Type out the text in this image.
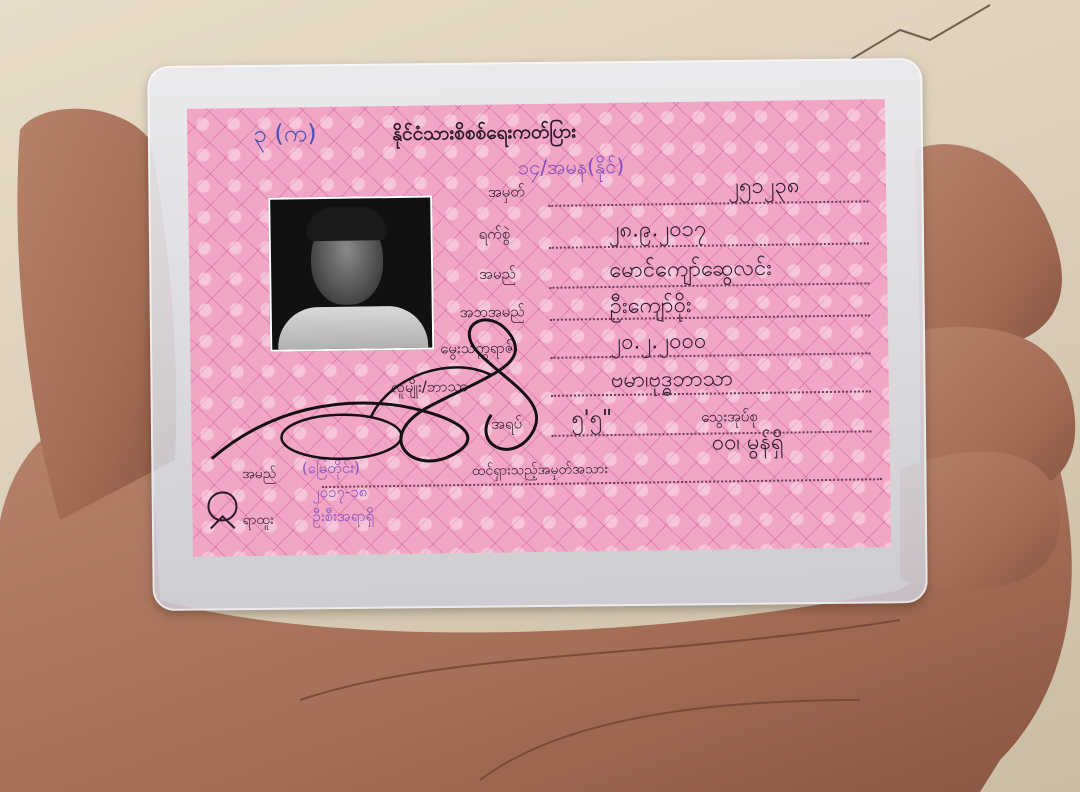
၃ (က)	နိုင်ငံသားစိစစ်ရေးကတ်ပြား
၁၄/အမန(နိုင်)
အမှတ်	၂၅၁၂၃၈
ရက်စွဲ	၂၈.၉.၂၀၁၇
အမည်	မောင်ကျော်ဆွေလင်း
အဘအမည်	ဦးကျော်ဝိုး
မွေးသက္ကရာဇ်	၂၀.၂.၂၀၀၀
လူမျိုး/ဘာသာ	ဗမာ၊ဗုဒ္ဓဘာသာ
အရပ် ၅'၅"	သွေးအုပ်စု
ဝဝ၊ မွန်ရှိ
ထင်ရှားသည့်အမှတ်အသား
အမည် (မြေတိုင်း)
၂၀၁၇-၁၈
ရာထူး	ဦးစီးအရာရှိ
